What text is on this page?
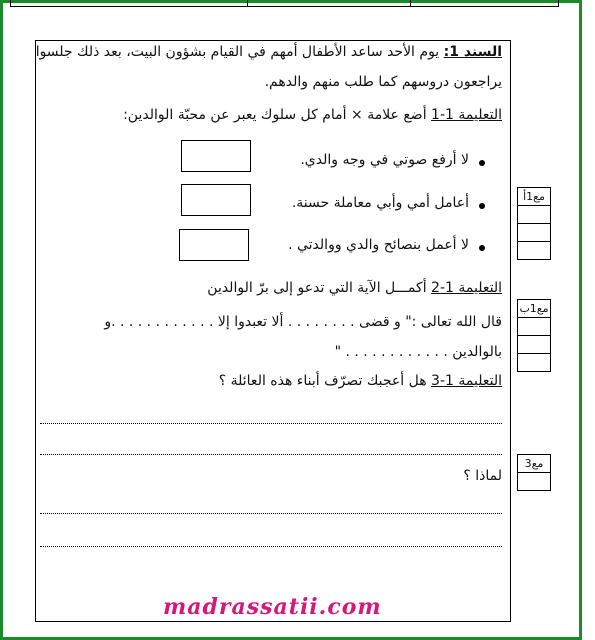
السند 1: يوم الأحد ساعد الأطفال أمهم في القيام بشؤون البيت، بعد ذلك جلسوا
يراجعون دروسهم كما طلب منهم والدهم.
التعليمة 1-1 أضع علامة × أمام كل سلوك يعبر عن محبّة الوالدين:
لا أرفع صوتي في وجه والدي.
أعامل أمي وأبي معاملة حسنة.
لا أعمل بنصائح والدي ووالدتي .
التعليمة 1-2 أكمـــل الآية التي تدعو إلى برّ الوالدين
قال الله تعالى :" و قضى . . . . . . . . ألا تعبدوا إلا . . . . . . . . . . . .و
بالوالدين . . . . . . . . . . . . "
التعليمة 1-3 هل أعجبك تصرّف أبناء هذه العائلة ؟
لماذا ؟
مع1أ
مع1ب
مع3
madrassatii.com
